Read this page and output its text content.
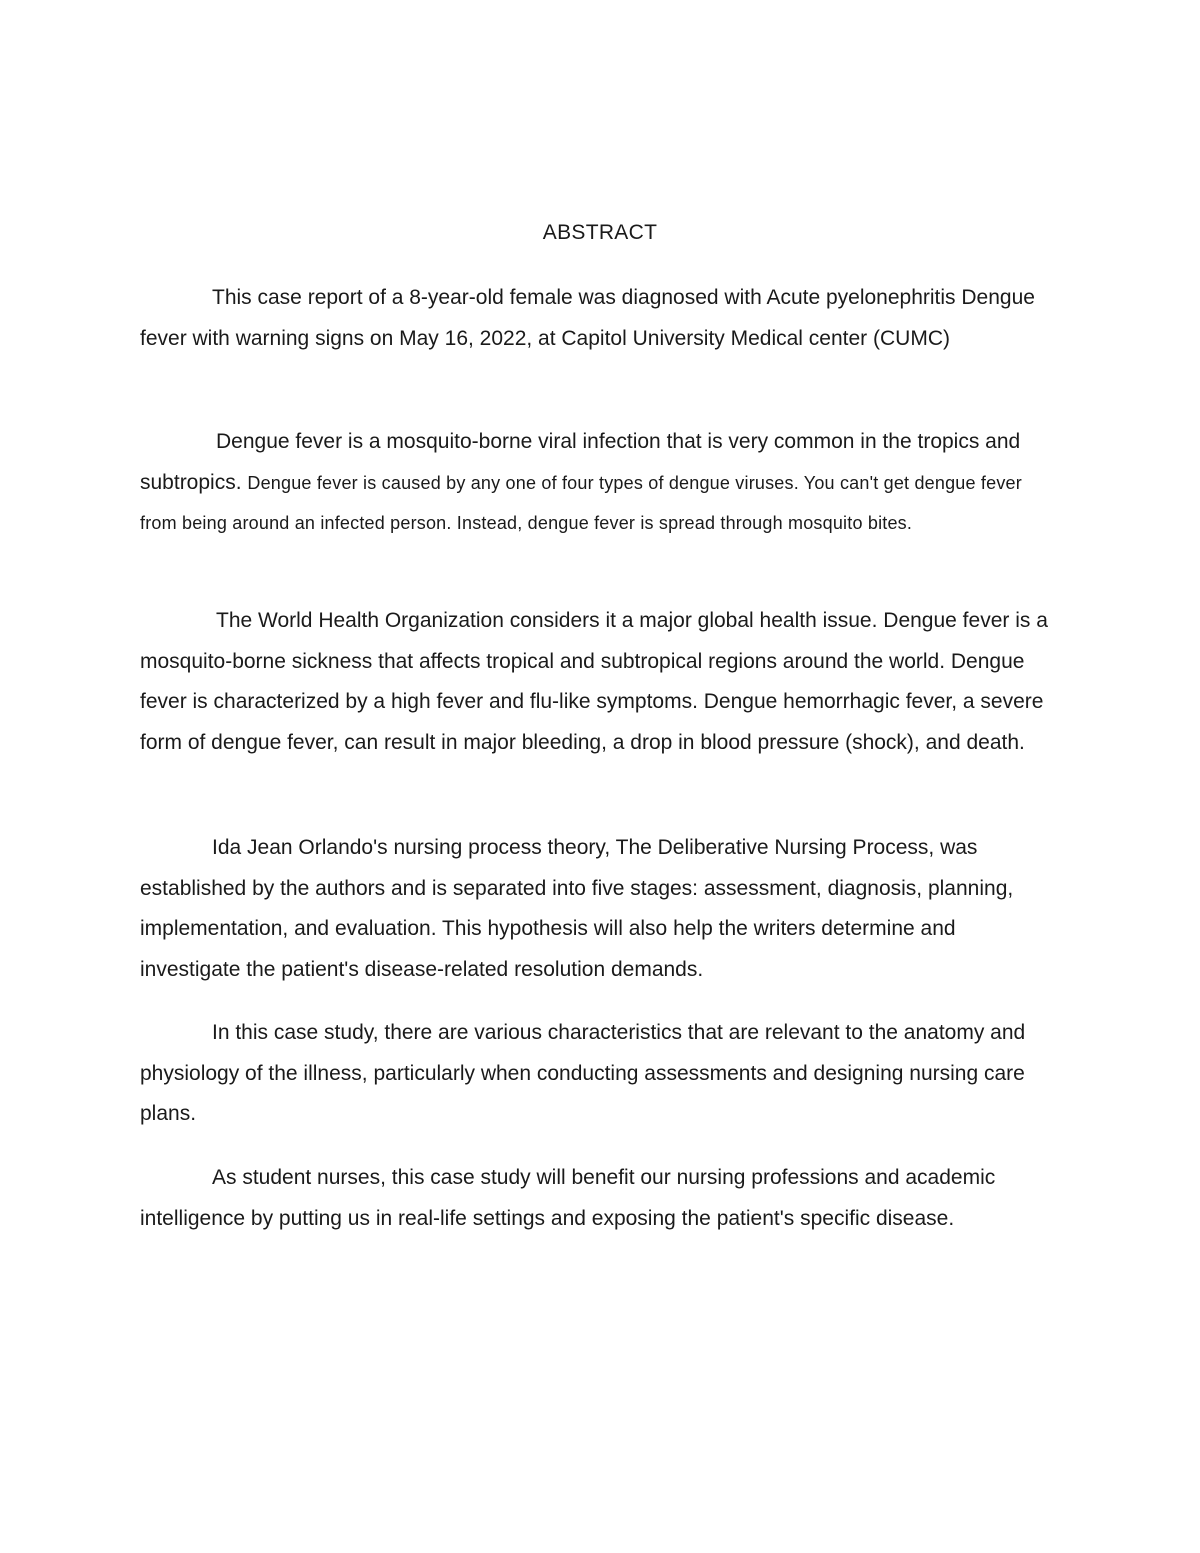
ABSTRACT

This case report of a 8-year-old female was diagnosed with Acute pyelonephritis Dengue fever with warning signs on May 16, 2022, at Capitol University Medical center (CUMC)

Dengue fever is a mosquito-borne viral infection that is very common in the tropics and subtropics. Dengue fever is caused by any one of four types of dengue viruses. You can't get dengue fever from being around an infected person. Instead, dengue fever is spread through mosquito bites.

The World Health Organization considers it a major global health issue. Dengue fever is a mosquito-borne sickness that affects tropical and subtropical regions around the world. Dengue fever is characterized by a high fever and flu-like symptoms. Dengue hemorrhagic fever, a severe form of dengue fever, can result in major bleeding, a drop in blood pressure (shock), and death.

Ida Jean Orlando's nursing process theory, The Deliberative Nursing Process, was established by the authors and is separated into five stages: assessment, diagnosis, planning, implementation, and evaluation. This hypothesis will also help the writers determine and investigate the patient's disease-related resolution demands.

In this case study, there are various characteristics that are relevant to the anatomy and physiology of the illness, particularly when conducting assessments and designing nursing care plans.

As student nurses, this case study will benefit our nursing professions and academic intelligence by putting us in real-life settings and exposing the patient's specific disease.
